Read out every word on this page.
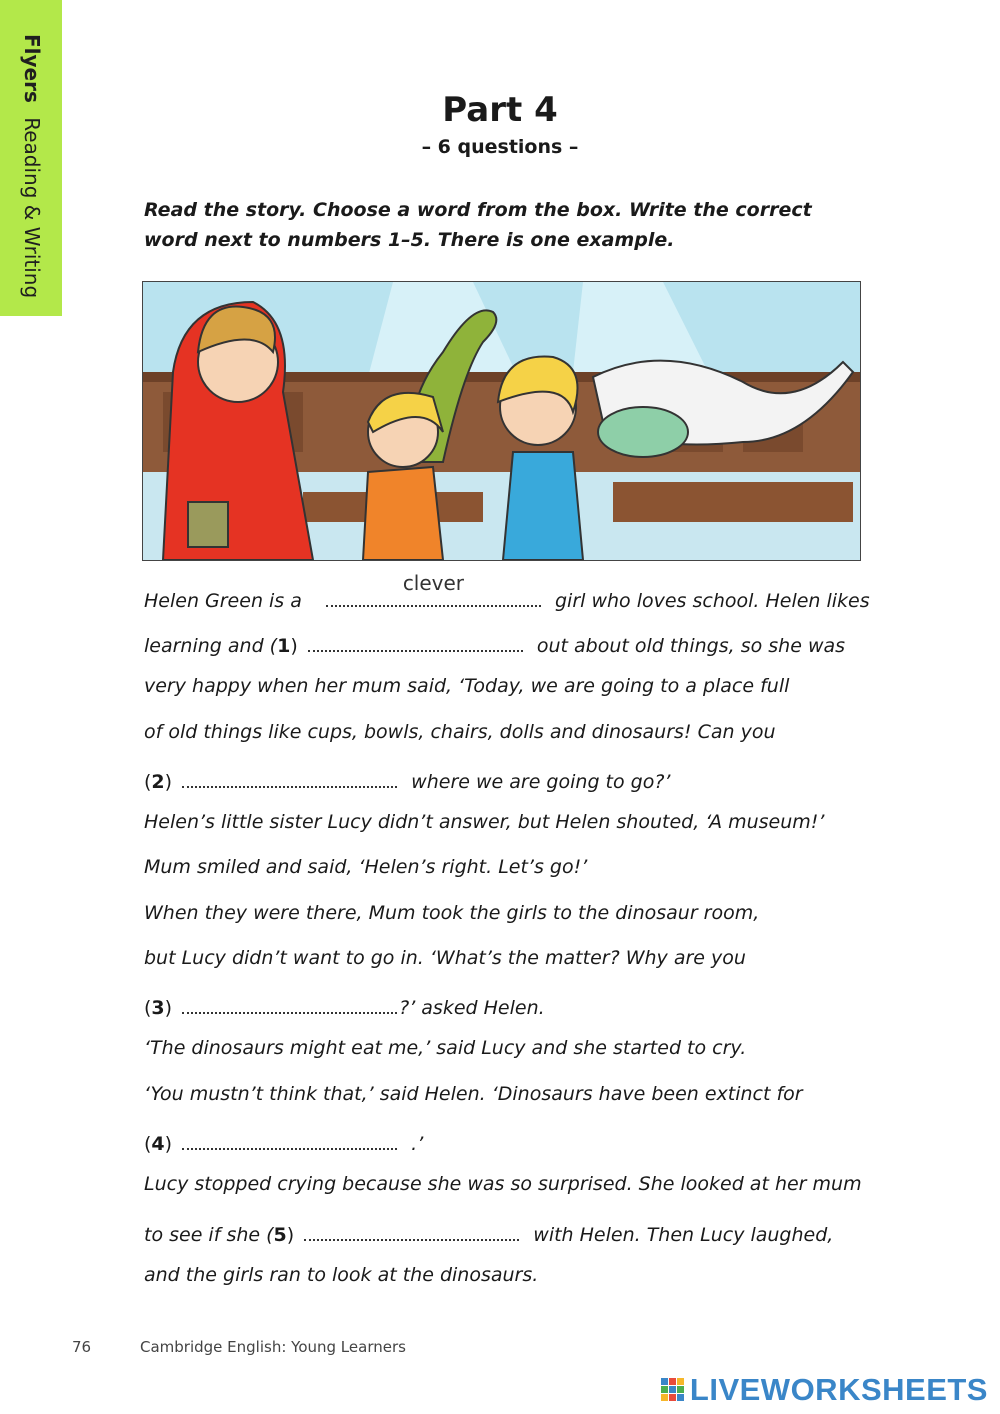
Flyers Reading & Writing
Part 4
– 6 questions –
Read the story. Choose a word from the box. Write the correct
word next to numbers 1–5. There is one example.
Helen Green is a
clever
girl who loves school. Helen likes
learning and (1)	out about old things, so she was
very happy when her mum said, ‘Today, we are going to a place full
of old things like cups, bowls, chairs, dolls and dinosaurs! Can you
(2)	where we are going to go?’
Helen’s little sister Lucy didn’t answer, but Helen shouted, ‘A museum!’
Mum smiled and said, ‘Helen’s right. Let’s go!’
When they were there, Mum took the girls to the dinosaur room,
but Lucy didn’t want to go in. ‘What’s the matter? Why are you
(3)	?’ asked Helen.
‘The dinosaurs might eat me,’ said Lucy and she started to cry.
‘You mustn’t think that,’ said Helen. ‘Dinosaurs have been extinct for
(4)	.’
Lucy stopped crying because she was so surprised. She looked at her mum
to see if she (5)	with Helen. Then Lucy laughed,
and the girls ran to look at the dinosaurs.
76	Cambridge English: Young Learners
LIVEWORKSHEETS
